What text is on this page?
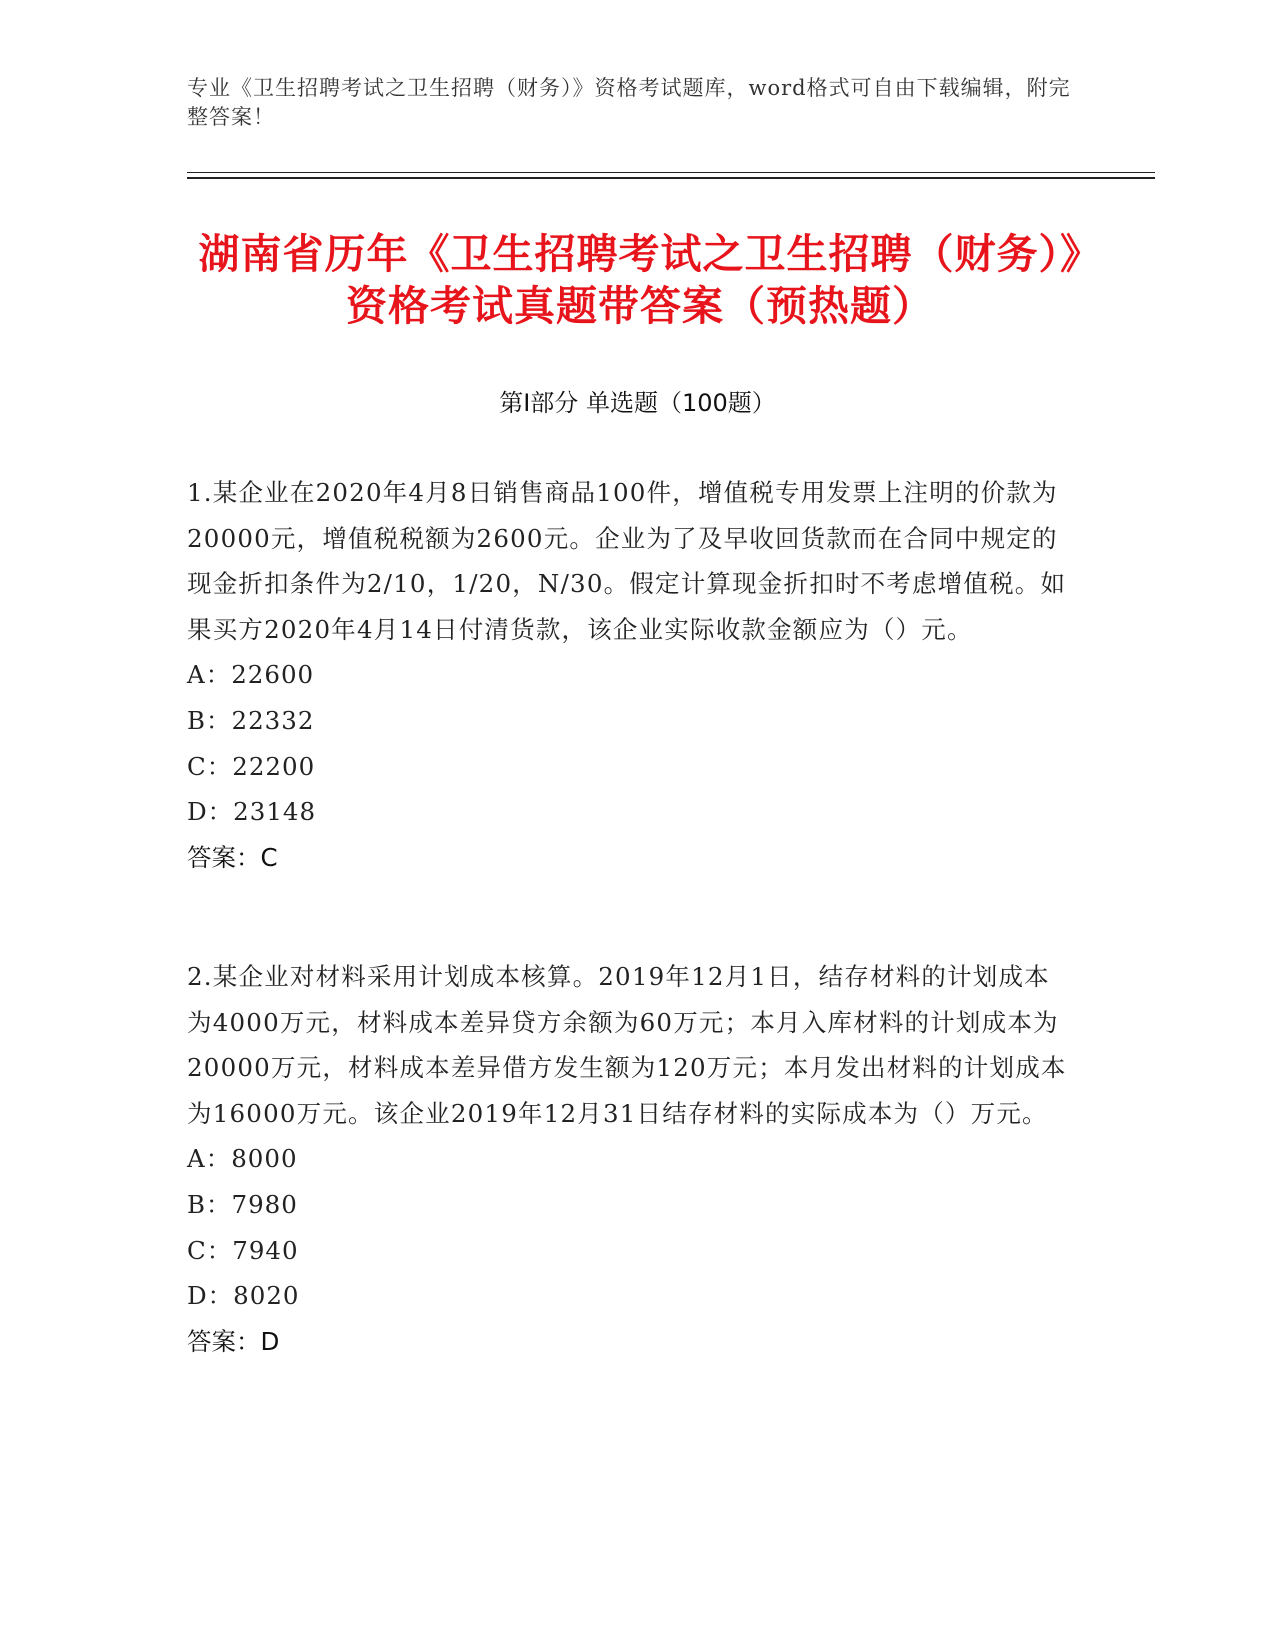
专业《卫生招聘考试之卫生招聘（财务）》资格考试题库，word格式可自由下载编辑，附完整答案！
湖南省历年《卫生招聘考试之卫生招聘（财务）》资格考试真题带答案（预热题）
第Ⅰ部分 单选题（100题）

1.某企业在2020年4月8日销售商品100件，增值税专用发票上注明的价款为20000元，增值税税额为2600元。企业为了及早收回货款而在合同中规定的现金折扣条件为2/10，1/20，N/30。假定计算现金折扣时不考虑增值税。如果买方2020年4月14日付清货款，该企业实际收款金额应为（）元。

A：22600
B：22332
C：22200
D：23148
答案：C

2.某企业对材料采用计划成本核算。2019年12月1日，结存材料的计划成本为4000万元，材料成本差异贷方余额为60万元；本月入库材料的计划成本为20000万元，材料成本差异借方发生额为120万元；本月发出材料的计划成本为16000万元。该企业2019年12月31日结存材料的实际成本为（）万元。

A：8000
B：7980
C：7940
D：8020
答案：D
